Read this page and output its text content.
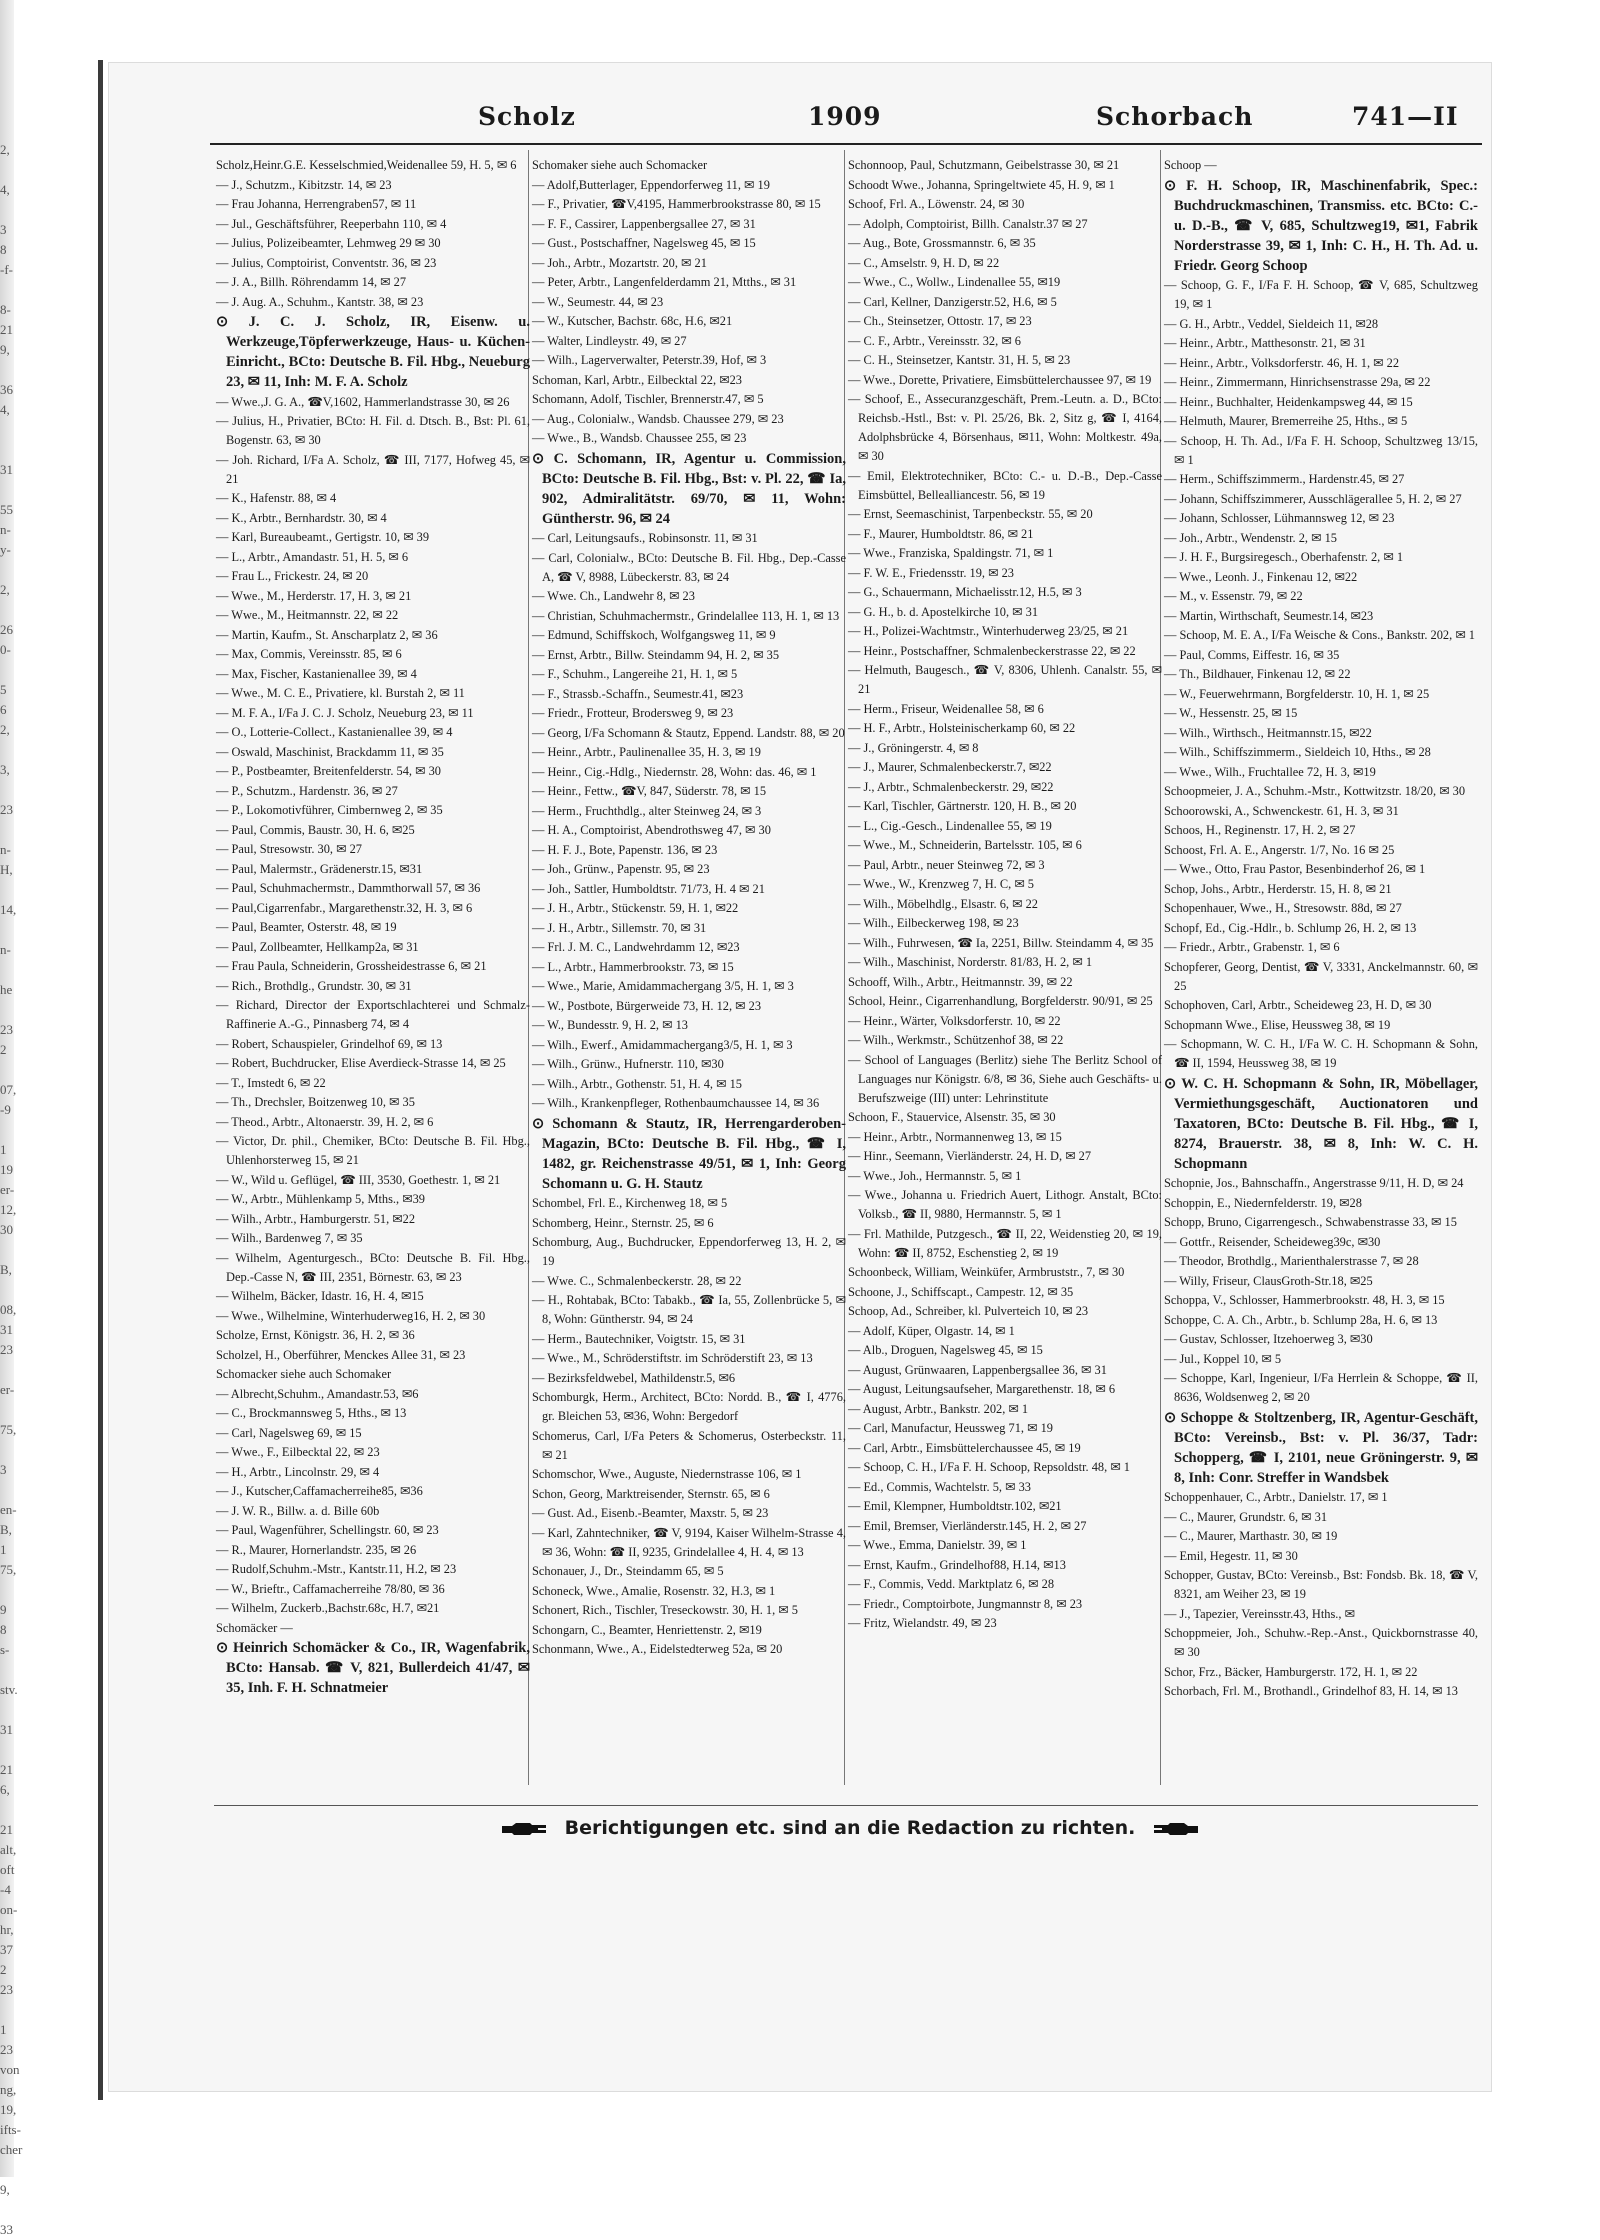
2,
4,
3
8
-f-
8-
21
9,
36
4,
31
55
n-
y-
2,
26
0-
5
6
2,
3,
23
n-
H,
14,
n-
he
23
2
07,
-9
1
19
er-
12,
30
B,
08,
31
23
er-
75,
3
en-
B,
1
75,
9
8
s-
stv.
31
21
6,
21
alt,
oft
-4
on-
hr,
37
2
23
1
23
von
ng,
19,
ifts-
cher
9,
33
Scholz	1909	Schorbach	741—II
Scholz,Heinr.G.E. Kesselschmied,Weidenallee 59, H. 5, ✉ 6
— J., Schutzm., Kibitzstr. 14, ✉ 23
— Frau Johanna, Herrengraben57, ✉ 11
— Jul., Geschäftsführer, Reeperbahn 110, ✉ 4
— Julius, Polizeibeamter, Lehmweg 29 ✉ 30
— Julius, Comptoirist, Conventstr. 36, ✉ 23
— J. A., Billh. Röhrendamm 14, ✉ 27
— J. Aug. A., Schuhm., Kantstr. 38, ✉ 23
⊙ J. C. J. Scholz, IR, Eisenw. u. Werkzeuge,Töpferwerkzeuge, Haus- u. Küchen-Einricht., BCto: Deutsche B. Fil. Hbg., Neueburg 23, ✉ 11, Inh: M. F. A. Scholz
— Wwe.,J. G. A., ☎V,1602, Hammerlandstrasse 30, ✉ 26
— Julius, H., Privatier, BCto: H. Fil. d. Dtsch. B., Bst: Pl. 61, Bogenstr. 63, ✉ 30
— Joh. Richard, I/Fa A. Scholz, ☎ III, 7177, Hofweg 45, ✉ 21
— K., Hafenstr. 88, ✉ 4
— K., Arbtr., Bernhardstr. 30, ✉ 4
— Karl, Bureaubeamt., Gertigstr. 10, ✉ 39
— L., Arbtr., Amandastr. 51, H. 5, ✉ 6
— Frau L., Frickestr. 24, ✉ 20
— Wwe., M., Herderstr. 17, H. 3, ✉ 21
— Wwe., M., Heitmannstr. 22, ✉ 22
— Martin, Kaufm., St. Anscharplatz 2, ✉ 36
— Max, Commis, Vereinsstr. 85, ✉ 6
— Max, Fischer, Kastanienallee 39, ✉ 4
— Wwe., M. C. E., Privatiere, kl. Burstah 2, ✉ 11
— M. F. A., I/Fa J. C. J. Scholz, Neueburg 23, ✉ 11
— O., Lotterie-Collect., Kastanienallee 39, ✉ 4
— Oswald, Maschinist, Brackdamm 11, ✉ 35
— P., Postbeamter, Breitenfelderstr. 54, ✉ 30
— P., Schutzm., Hardenstr. 36, ✉ 27
— P., Lokomotivführer, Cimbernweg 2, ✉ 35
— Paul, Commis, Baustr. 30, H. 6, ✉25
— Paul, Stresowstr. 30, ✉ 27
— Paul, Malermstr., Grädenerstr.15, ✉31
— Paul, Schuhmachermstr., Dammthorwall 57, ✉ 36
— Paul,Cigarrenfabr., Margarethenstr.32, H. 3, ✉ 6
— Paul, Beamter, Osterstr. 48, ✉ 19
— Paul, Zollbeamter, Hellkamp2a, ✉ 31
— Frau Paula, Schneiderin, Grossheidestrasse 6, ✉ 21
— Rich., Brothdlg., Grundstr. 30, ✉ 31
— Richard, Director der Exportschlachterei und Schmalz-Raffinerie A.-G., Pinnasberg 74, ✉ 4
— Robert, Schauspieler, Grindelhof 69, ✉ 13
— Robert, Buchdrucker, Elise Averdieck-Strasse 14, ✉ 25
— T., Imstedt 6, ✉ 22
— Th., Drechsler, Boitzenweg 10, ✉ 35
— Theod., Arbtr., Altonaerstr. 39, H. 2, ✉ 6
— Victor, Dr. phil., Chemiker, BCto: Deutsche B. Fil. Hbg., Uhlenhorsterweg 15, ✉ 21
— W., Wild u. Geflügel, ☎ III, 3530, Goethestr. 1, ✉ 21
— W., Arbtr., Mühlenkamp 5, Mths., ✉39
— Wilh., Arbtr., Hamburgerstr. 51, ✉22
— Wilh., Bardenweg 7, ✉ 35
— Wilhelm, Agenturgesch., BCto: Deutsche B. Fil. Hbg., Dep.-Casse N, ☎ III, 2351, Börnestr. 63, ✉ 23
— Wilhelm, Bäcker, Idastr. 16, H. 4, ✉15
— Wwe., Wilhelmine, Winterhuderweg16, H. 2, ✉ 30
Scholze, Ernst, Königstr. 36, H. 2, ✉ 36
Scholzel, H., Oberführer, Menckes Allee 31, ✉ 23
Schomacker siehe auch Schomaker
— Albrecht,Schuhm., Amandastr.53, ✉6
— C., Brockmannsweg 5, Hths., ✉ 13
— Carl, Nagelsweg 69, ✉ 15
— Wwe., F., Eilbecktal 22, ✉ 23
— H., Arbtr., Lincolnstr. 29, ✉ 4
— J., Kutscher,Caffamacherreihe85, ✉36
— J. W. R., Billw. a. d. Bille 60b
— Paul, Wagenführer, Schellingstr. 60, ✉ 23
— R., Maurer, Hornerlandstr. 235, ✉ 26
— Rudolf,Schuhm.-Mstr., Kantstr.11, H.2, ✉ 23
— W., Brieftr., Caffamacherreihe 78/80, ✉ 36
— Wilhelm, Zuckerb.,Bachstr.68c, H.7, ✉21
Schomäcker —
⊙ Heinrich Schomäcker & Co., IR, Wagenfabrik, BCto: Hansab. ☎ V, 821, Bullerdeich 41/47, ✉ 35, Inh. F. H. Schnatmeier
Schomaker siehe auch Schomacker
— Adolf,Butterlager, Eppendorferweg 11, ✉ 19
— F., Privatier, ☎V,4195, Hammerbrookstrasse 80, ✉ 15
— F. F., Cassirer, Lappenbergsallee 27, ✉ 31
— Gust., Postschaffner, Nagelsweg 45, ✉ 15
— Joh., Arbtr., Mozartstr. 20, ✉ 21
— Peter, Arbtr., Langenfelderdamm 21, Mtths., ✉ 31
— W., Seumestr. 44, ✉ 23
— W., Kutscher, Bachstr. 68c, H.6, ✉21
— Walter, Lindleystr. 49, ✉ 27
— Wilh., Lagerverwalter, Peterstr.39, Hof, ✉ 3
Schoman, Karl, Arbtr., Eilbecktal 22, ✉23
Schomann, Adolf, Tischler, Brennerstr.47, ✉ 5
— Aug., Colonialw., Wandsb. Chaussee 279, ✉ 23
— Wwe., B., Wandsb. Chaussee 255, ✉ 23
⊙ C. Schomann, IR, Agentur u. Commission, BCto: Deutsche B. Fil. Hbg., Bst: v. Pl. 22, ☎ Ia, 902, Admiralitätstr. 69/70, ✉ 11, Wohn: Güntherstr. 96, ✉ 24
— Carl, Leitungsaufs., Robinsonstr. 11, ✉ 31
— Carl, Colonialw., BCto: Deutsche B. Fil. Hbg., Dep.-Casse A, ☎ V, 8988, Lübeckerstr. 83, ✉ 24
— Wwe. Ch., Landwehr 8, ✉ 23
— Christian, Schuhmachermstr., Grindelallee 113, H. 1, ✉ 13
— Edmund, Schiffskoch, Wolfgangsweg 11, ✉ 9
— Ernst, Arbtr., Billw. Steindamm 94, H. 2, ✉ 35
— F., Schuhm., Langereihe 21, H. 1, ✉ 5
— F., Strassb.-Schaffn., Seumestr.41, ✉23
— Friedr., Frotteur, Brodersweg 9, ✉ 23
— Georg, I/Fa Schomann & Stautz, Eppend. Landstr. 88, ✉ 20
— Heinr., Arbtr., Paulinenallee 35, H. 3, ✉ 19
— Heinr., Cig.-Hdlg., Niedernstr. 28, Wohn: das. 46, ✉ 1
— Heinr., Fettw., ☎V, 847, Süderstr. 78, ✉ 15
— Herm., Fruchthdlg., alter Steinweg 24, ✉ 3
— H. A., Comptoirist, Abendrothsweg 47, ✉ 30
— H. F. J., Bote, Papenstr. 136, ✉ 23
— Joh., Grünw., Papenstr. 95, ✉ 23
— Joh., Sattler, Humboldtstr. 71/73, H. 4 ✉ 21
— J. H., Arbtr., Stückenstr. 59, H. 1, ✉22
— J. H., Arbtr., Sillemstr. 70, ✉ 31
— Frl. J. M. C., Landwehrdamm 12, ✉23
— L., Arbtr., Hammerbrookstr. 73, ✉ 15
— Wwe., Marie, Amidammachergang 3/5, H. 1, ✉ 3
— W., Postbote, Bürgerweide 73, H. 12, ✉ 23
— W., Bundesstr. 9, H. 2, ✉ 13
— Wilh., Ewerf., Amidammachergang3/5, H. 1, ✉ 3
— Wilh., Grünw., Hufnerstr. 110, ✉30
— Wilh., Arbtr., Gothenstr. 51, H. 4, ✉ 15
— Wilh., Krankenpfleger, Rothenbaumchaussee 14, ✉ 36
⊙ Schomann & Stautz, IR, Herrengarderoben-Magazin, BCto: Deutsche B. Fil. Hbg., ☎ I, 1482, gr. Reichenstrasse 49/51, ✉ 1, Inh: Georg Schomann u. G. H. Stautz
Schombel, Frl. E., Kirchenweg 18, ✉ 5
Schomberg, Heinr., Sternstr. 25, ✉ 6
Schomburg, Aug., Buchdrucker, Eppendorferweg 13, H. 2, ✉ 19
— Wwe. C., Schmalenbeckerstr. 28, ✉ 22
— H., Rohtabak, BCto: Tabakb., ☎ Ia, 55, Zollenbrücke 5, ✉ 8, Wohn: Güntherstr. 94, ✉ 24
— Herm., Bautechniker, Voigtstr. 15, ✉ 31
— Wwe., M., Schröderstiftstr. im Schröderstift 23, ✉ 13
— Bezirksfeldwebel, Mathildenstr.5, ✉6
Schomburgk, Herm., Architect, BCto: Nordd. B., ☎ I, 4776, gr. Bleichen 53, ✉36, Wohn: Bergedorf
Schomerus, Carl, I/Fa Peters & Schomerus, Osterbeckstr. 11, ✉ 21
Schomschor, Wwe., Auguste, Niedernstrasse 106, ✉ 1
Schon, Georg, Marktreisender, Sternstr. 65, ✉ 6
— Gust. Ad., Eisenb.-Beamter, Maxstr. 5, ✉ 23
— Karl, Zahntechniker, ☎ V, 9194, Kaiser Wilhelm-Strasse 4, ✉ 36, Wohn: ☎ II, 9235, Grindelallee 4, H. 4, ✉ 13
Schonauer, J., Dr., Steindamm 65, ✉ 5
Schoneck, Wwe., Amalie, Rosenstr. 32, H.3, ✉ 1
Schonert, Rich., Tischler, Treseckowstr. 30, H. 1, ✉ 5
Schongarn, C., Beamter, Henriettenstr. 2, ✉19
Schonmann, Wwe., A., Eidelstedterweg 52a, ✉ 20
Schonnoop, Paul, Schutzmann, Geibelstrasse 30, ✉ 21
Schoodt Wwe., Johanna, Springeltwiete 45, H. 9, ✉ 1
Schoof, Frl. A., Löwenstr. 24, ✉ 30
— Adolph, Comptoirist, Billh. Canalstr.37 ✉ 27
— Aug., Bote, Grossmannstr. 6, ✉ 35
— C., Amselstr. 9, H. D, ✉ 22
— Wwe., C., Wollw., Lindenallee 55, ✉19
— Carl, Kellner, Danzigerstr.52, H.6, ✉ 5
— Ch., Steinsetzer, Ottostr. 17, ✉ 23
— C. F., Arbtr., Vereinsstr. 32, ✉ 6
— C. H., Steinsetzer, Kantstr. 31, H. 5, ✉ 23
— Wwe., Dorette, Privatiere, Eimsbüttelerchaussee 97, ✉ 19
— Schoof, E., Assecuranzgeschäft, Prem.-Leutn. a. D., BCto: Reichsb.-Hstl., Bst: v. Pl. 25/26, Bk. 2, Sitz g, ☎ I, 4164, Adolphsbrücke 4, Börsenhaus, ✉11, Wohn: Moltkestr. 49a, ✉ 30
— Emil, Elektrotechniker, BCto: C.- u. D.-B., Dep.-Casse Eimsbüttel, Bellealliancestr. 56, ✉ 19
— Ernst, Seemaschinist, Tarpenbeckstr. 55, ✉ 20
— F., Maurer, Humboldtstr. 86, ✉ 21
— Wwe., Franziska, Spaldingstr. 71, ✉ 1
— F. W. E., Friedensstr. 19, ✉ 23
— G., Schauermann, Michaelisstr.12, H.5, ✉ 3
— G. H., b. d. Apostelkirche 10, ✉ 31
— H., Polizei-Wachtmstr., Winterhuderweg 23/25, ✉ 21
— Heinr., Postschaffner, Schmalenbeckerstrasse 22, ✉ 22
— Helmuth, Baugesch., ☎ V, 8306, Uhlenh. Canalstr. 55, ✉ 21
— Herm., Friseur, Weidenallee 58, ✉ 6
— H. F., Arbtr., Holsteinischerkamp 60, ✉ 22
— J., Gröningerstr. 4, ✉ 8
— J., Maurer, Schmalenbeckerstr.7, ✉22
— J., Arbtr., Schmalenbeckerstr. 29, ✉22
— Karl, Tischler, Gärtnerstr. 120, H. B., ✉ 20
— L., Cig.-Gesch., Lindenallee 55, ✉ 19
— Wwe., M., Schneiderin, Bartelsstr. 105, ✉ 6
— Paul, Arbtr., neuer Steinweg 72, ✉ 3
— Wwe., W., Krenzweg 7, H. C, ✉ 5
— Wilh., Möbelhdlg., Elsastr. 6, ✉ 22
— Wilh., Eilbeckerweg 198, ✉ 23
— Wilh., Fuhrwesen, ☎ Ia, 2251, Billw. Steindamm 4, ✉ 35
— Wilh., Maschinist, Norderstr. 81/83, H. 2, ✉ 1
Schooff, Wilh., Arbtr., Heitmannstr. 39, ✉ 22
School, Heinr., Cigarrenhandlung, Borgfelderstr. 90/91, ✉ 25
— Heinr., Wärter, Volksdorferstr. 10, ✉ 22
— Wilh., Werkmstr., Schützenhof 38, ✉ 22
— School of Languages (Berlitz) siehe The Berlitz School of Languages nur Königstr. 6/8, ✉ 36, Siehe auch Geschäfts- u. Berufszweige (III) unter: Lehrinstitute
Schoon, F., Stauervice, Alsenstr. 35, ✉ 30
— Heinr., Arbtr., Normannenweg 13, ✉ 15
— Hinr., Seemann, Vierländerstr. 24, H. D, ✉ 27
— Wwe., Joh., Hermannstr. 5, ✉ 1
— Wwe., Johanna u. Friedrich Auert, Lithogr. Anstalt, BCto: Volksb., ☎ II, 9880, Hermannstr. 5, ✉ 1
— Frl. Mathilde, Putzgesch., ☎ II, 22, Weidenstieg 20, ✉ 19, Wohn: ☎ II, 8752, Eschenstieg 2, ✉ 19
Schoonbeck, William, Weinküfer, Armbruststr., 7, ✉ 30
Schoone, J., Schiffscapt., Campestr. 12, ✉ 35
Schoop, Ad., Schreiber, kl. Pulverteich 10, ✉ 23
— Adolf, Küper, Olgastr. 14, ✉ 1
— Alb., Droguen, Nagelsweg 45, ✉ 15
— August, Grünwaaren, Lappenbergsallee 36, ✉ 31
— August, Leitungsaufseher, Margarethenstr. 18, ✉ 6
— August, Arbtr., Bankstr. 202, ✉ 1
— Carl, Manufactur, Heussweg 71, ✉ 19
— Carl, Arbtr., Eimsbüttelerchaussee 45, ✉ 19
— Schoop, C. H., I/Fa F. H. Schoop, Repsoldstr. 48, ✉ 1
— Ed., Commis, Wachtelstr. 5, ✉ 33
— Emil, Klempner, Humboldtstr.102, ✉21
— Emil, Bremser, Vierländerstr.145, H. 2, ✉ 27
— Wwe., Emma, Danielstr. 39, ✉ 1
— Ernst, Kaufm., Grindelhof88, H.14, ✉13
— F., Commis, Vedd. Marktplatz 6, ✉ 28
— Friedr., Comptoirbote, Jungmannstr 8, ✉ 23
— Fritz, Wielandstr. 49, ✉ 23
Schoop —
⊙ F. H. Schoop, IR, Maschinenfabrik, Spec.: Buchdruckmaschinen, Transmiss. etc. BCto: C.- u. D.-B., ☎ V, 685, Schultzweg19, ✉1, Fabrik Norderstrasse 39, ✉ 1, Inh: C. H., H. Th. Ad. u. Friedr. Georg Schoop
— Schoop, G. F., I/Fa F. H. Schoop, ☎ V, 685, Schultzweg 19, ✉ 1
— G. H., Arbtr., Veddel, Sieldeich 11, ✉28
— Heinr., Arbtr., Matthesonstr. 21, ✉ 31
— Heinr., Arbtr., Volksdorferstr. 46, H. 1, ✉ 22
— Heinr., Zimmermann, Hinrichsenstrasse 29a, ✉ 22
— Heinr., Buchhalter, Heidenkampsweg 44, ✉ 15
— Helmuth, Maurer, Bremerreihe 25, Hths., ✉ 5
— Schoop, H. Th. Ad., I/Fa F. H. Schoop, Schultzweg 13/15, ✉ 1
— Herm., Schiffszimmerm., Hardenstr.45, ✉ 27
— Johann, Schiffszimmerer, Ausschlägerallee 5, H. 2, ✉ 27
— Johann, Schlosser, Lühmannsweg 12, ✉ 23
— Joh., Arbtr., Wendenstr. 2, ✉ 15
— J. H. F., Burgsiregesch., Oberhafenstr. 2, ✉ 1
— Wwe., Leonh. J., Finkenau 12, ✉22
— M., v. Essenstr. 79, ✉ 22
— Martin, Wirthschaft, Seumestr.14, ✉23
— Schoop, M. E. A., I/Fa Weische & Cons., Bankstr. 202, ✉ 1
— Paul, Comms, Eiffestr. 16, ✉ 35
— Th., Bildhauer, Finkenau 12, ✉ 22
— W., Feuerwehrmann, Borgfelderstr. 10, H. 1, ✉ 25
— W., Hessenstr. 25, ✉ 15
— Wilh., Wirthsch., Heitmannstr.15, ✉22
— Wilh., Schiffszimmerm., Sieldeich 10, Hths., ✉ 28
— Wwe., Wilh., Fruchtallee 72, H. 3, ✉19
Schoopmeier, J. A., Schuhm.-Mstr., Kottwitzstr. 18/20, ✉ 30
Schoorowski, A., Schwenckestr. 61, H. 3, ✉ 31
Schoos, H., Reginenstr. 17, H. 2, ✉ 27
Schoost, Frl. A. E., Angerstr. 1/7, No. 16 ✉ 25
— Wwe., Otto, Frau Pastor, Besenbinderhof 26, ✉ 1
Schop, Johs., Arbtr., Herderstr. 15, H. 8, ✉ 21
Schopenhauer, Wwe., H., Stresowstr. 88d, ✉ 27
Schopf, Ed., Cig.-Hdlr., b. Schlump 26, H. 2, ✉ 13
— Friedr., Arbtr., Grabenstr. 1, ✉ 6
Schopferer, Georg, Dentist, ☎ V, 3331, Anckelmannstr. 60, ✉ 25
Schophoven, Carl, Arbtr., Scheideweg 23, H. D, ✉ 30
Schopmann Wwe., Elise, Heussweg 38, ✉ 19
— Schopmann, W. C. H., I/Fa W. C. H. Schopmann & Sohn, ☎ II, 1594, Heussweg 38, ✉ 19
⊙ W. C. H. Schopmann & Sohn, IR, Möbellager, Vermiethungsgeschäft, Auctionatoren und Taxatoren, BCto: Deutsche B. Fil. Hbg., ☎ I, 8274, Brauerstr. 38, ✉ 8, Inh: W. C. H. Schopmann
Schopnie, Jos., Bahnschaffn., Angerstrasse 9/11, H. D, ✉ 24
Schoppin, E., Niedernfelderstr. 19, ✉28
Schopp, Bruno, Cigarrengesch., Schwabenstrasse 33, ✉ 15
— Gottfr., Reisender, Scheideweg39c, ✉30
— Theodor, Brothdlg., Marienthalerstrasse 7, ✉ 28
— Willy, Friseur, ClausGroth-Str.18, ✉25
Schoppa, V., Schlosser, Hammerbrookstr. 48, H. 3, ✉ 15
Schoppe, C. A. Ch., Arbtr., b. Schlump 28a, H. 6, ✉ 13
— Gustav, Schlosser, Itzehoerweg 3, ✉30
— Jul., Koppel 10, ✉ 5
— Schoppe, Karl, Ingenieur, I/Fa Herrlein & Schoppe, ☎ II, 8636, Woldsenweg 2, ✉ 20
⊙ Schoppe & Stoltzenberg, IR, Agentur-Geschäft, BCto: Vereinsb., Bst: v. Pl. 36/37, Tadr: Schopperg, ☎ I, 2101, neue Gröningerstr. 9, ✉ 8, Inh: Conr. Streffer in Wandsbek
Schoppenhauer, C., Arbtr., Danielstr. 17, ✉ 1
— C., Maurer, Grundstr. 6, ✉ 31
— C., Maurer, Marthastr. 30, ✉ 19
— Emil, Hegestr. 11, ✉ 30
Schopper, Gustav, BCto: Vereinsb., Bst: Fondsb. Bk. 18, ☎ V, 8321, am Weiher 23, ✉ 19
— J., Tapezier, Vereinsstr.43, Hths., ✉
Schoppmeier, Joh., Schuhw.-Rep.-Anst., Quickbornstrasse 40, ✉ 30
Schor, Frz., Bäcker, Hamburgerstr. 172, H. 1, ✉ 22
Schorbach, Frl. M., Brothandl., Grindelhof 83, H. 14, ✉ 13
Berichtigungen etc. sind an die Redaction zu richten.
